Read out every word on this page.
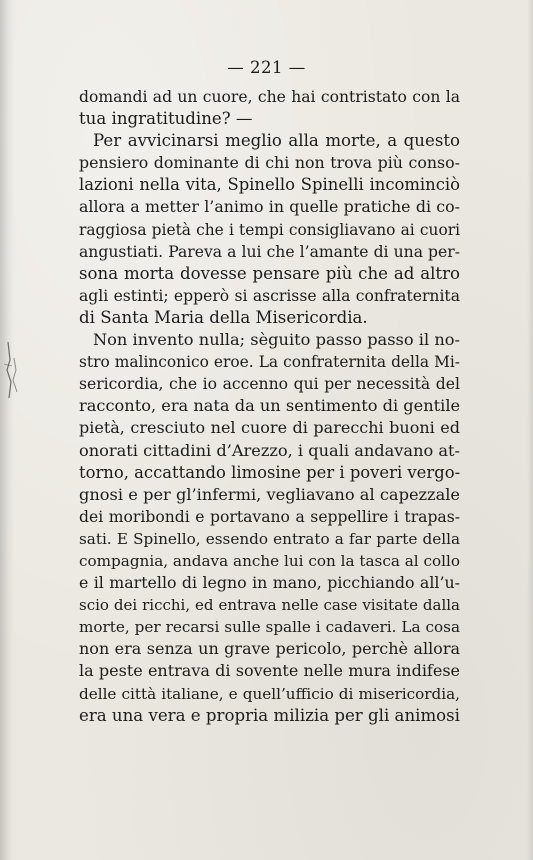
— 221 —
domandi ad un cuore, che hai contristato con la
tua ingratitudine? —
Per avvicinarsi meglio alla morte, a questo
pensiero dominante di chi non trova più conso-
lazioni nella vita, Spinello Spinelli incominciò
allora a metter l’animo in quelle pratiche di co-
raggiosa pietà che i tempi consigliavano ai cuori
angustiati. Pareva a lui che l’amante di una per-
sona morta dovesse pensare più che ad altro
agli estinti; epperò si ascrisse alla confraternita
di Santa Maria della Misericordia.
Non invento nulla; sèguito passo passo il no-
stro malinconico eroe. La confraternita della Mi-
sericordia, che io accenno qui per necessità del
racconto, era nata da un sentimento di gentile
pietà, cresciuto nel cuore di parecchi buoni ed
onorati cittadini d’Arezzo, i quali andavano at-
torno, accattando limosine per i poveri vergo-
gnosi e per gl’infermi, vegliavano al capezzale
dei moribondi e portavano a seppellire i trapas-
sati. E Spinello, essendo entrato a far parte della
compagnia, andava anche lui con la tasca al collo
e il martello di legno in mano, picchiando all’u-
scio dei ricchi, ed entrava nelle case visitate dalla
morte, per recarsi sulle spalle i cadaveri. La cosa
non era senza un grave pericolo, perchè allora
la peste entrava di sovente nelle mura indifese
delle città italiane, e quell’ufficio di misericordia,
era una vera e propria milizia per gli animosi
